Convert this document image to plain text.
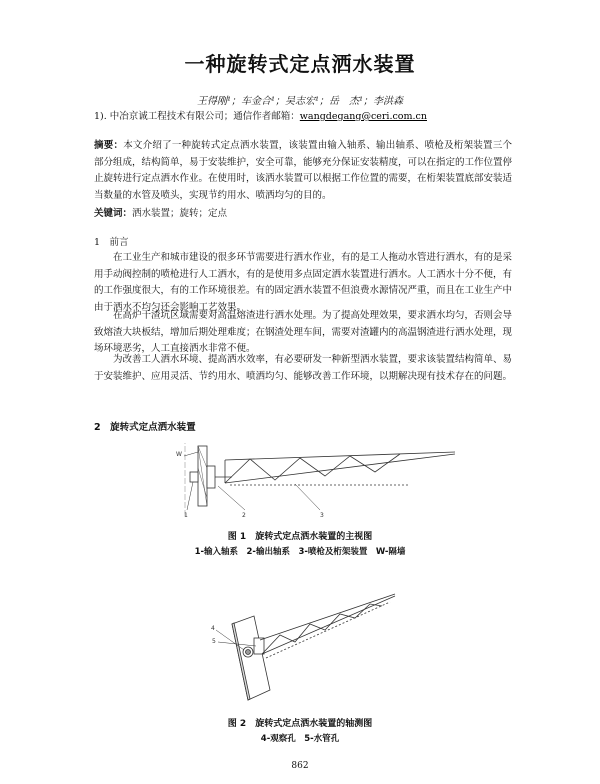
一种旋转式定点洒水装置
王得刚¹；车金合¹；吴志宏¹；岳　杰¹；李洪森
1). 中冶京诚工程技术有限公司；通信作者邮箱：wangdegang@ceri.com.cn
摘要：本文介绍了一种旋转式定点洒水装置，该装置由输入轴系、输出轴系、喷枪及桁架装置三个部分组成，结构简单，易于安装维护，安全可靠，能够充分保证安装精度，可以在指定的工作位置停止旋转进行定点洒水作业。在使用时，该洒水装置可以根据工作位置的需要，在桁架装置底部安装适当数量的水管及喷头，实现节约用水、喷洒均匀的目的。
关键词：洒水装置；旋转；定点
1　前言

在工业生产和城市建设的很多环节需要进行洒水作业，有的是工人拖动水管进行洒水，有的是采用手动阀控制的喷枪进行人工洒水，有的是使用多点固定洒水装置进行洒水。人工洒水十分不便，有的工作强度很大，有的工作环境很差。有的固定洒水装置不但浪费水源情况严重，而且在工业生产中由于洒水不均匀还会影响工艺效果。

在高炉干渣坑区域需要对高温熔渣进行洒水处理。为了提高处理效果，要求洒水均匀，否则会导致熔渣大块板结，增加后期处理难度；在钢渣处理车间，需要对渣罐内的高温钢渣进行洒水处理，现场环境恶劣，人工直接洒水非常不便。

为改善工人洒水环境、提高洒水效率，有必要研发一种新型洒水装置，要求该装置结构简单、易于安装维护、应用灵活、节约用水、喷洒均匀、能够改善工作环境，以期解决现有技术存在的问题。

2　旋转式定点洒水装置
W
1	2	3
图 1　旋转式定点洒水装置的主视图
1-输入轴系　2-输出轴系　3-喷枪及桁架装置　W-隔墙
4
5
图 2　旋转式定点洒水装置的轴测图
4-观察孔　5-水管孔
862
